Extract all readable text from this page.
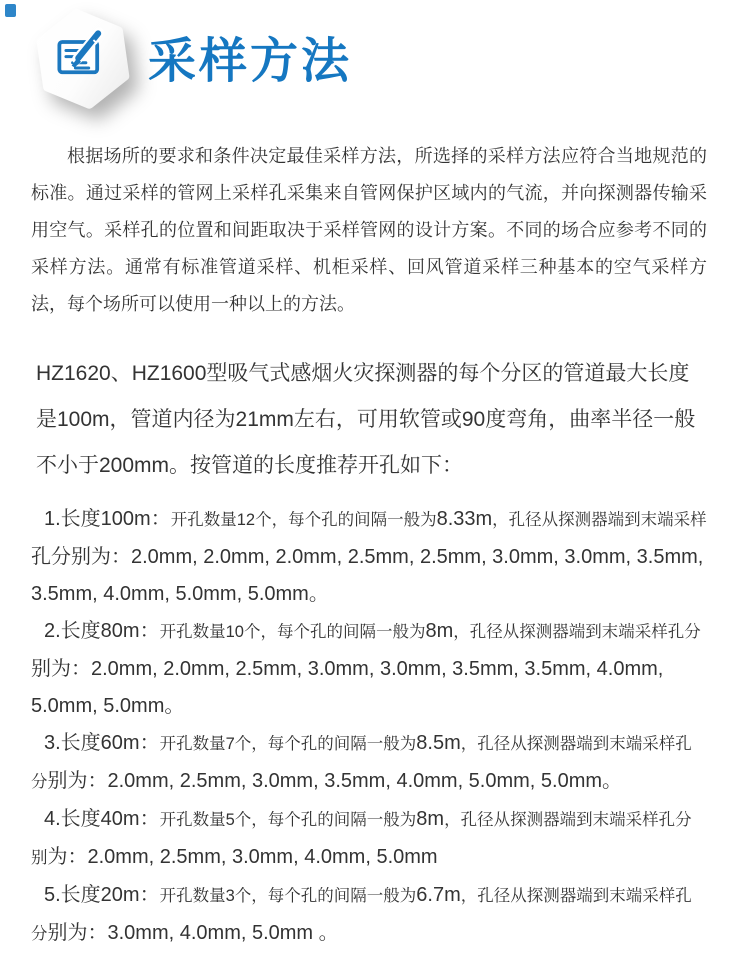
采样方法

根据场所的要求和条件决定最佳采样方法，所选择的采样方法应符合当地规范的标准。通过采样的管网上采样孔采集来自管网保护区域内的气流，并向探测器传输采用空气。采样孔的位置和间距取决于采样管网的设计方案。不同的场合应参考不同的采样方法。通常有标准管道采样、机柜采样、回风管道采样三种基本的空气采样方法，每个场所可以使用一种以上的方法。

HZ1620、HZ1600型吸气式感烟火灾探测器的每个分区的管道最大长度是100m，管道内径为21mm左右，可用软管或90度弯角，曲率半径一般不小于200mm。按管道的长度推荐开孔如下：

1.长度100m：开孔数量12个，每个孔的间隔一般为8.33m，孔径从探测器端到末端采样孔分别为：2.0mm, 2.0mm, 2.0mm, 2.5mm, 2.5mm, 3.0mm, 3.0mm, 3.5mm, 3.5mm, 4.0mm, 5.0mm, 5.0mm。

2.长度80m：开孔数量10个，每个孔的间隔一般为8m，孔径从探测器端到末端采样孔分别为：2.0mm, 2.0mm, 2.5mm, 3.0mm, 3.0mm, 3.5mm, 3.5mm, 4.0mm, 5.0mm, 5.0mm。

3.长度60m：开孔数量7个，每个孔的间隔一般为8.5m，孔径从探测器端到末端采样孔分别为：2.0mm, 2.5mm, 3.0mm, 3.5mm, 4.0mm, 5.0mm, 5.0mm。

4.长度40m：开孔数量5个，每个孔的间隔一般为8m，孔径从探测器端到末端采样孔分别为：2.0mm, 2.5mm, 3.0mm, 4.0mm, 5.0mm

5.长度20m：开孔数量3个，每个孔的间隔一般为6.7m，孔径从探测器端到末端采样孔分别为：3.0mm, 4.0mm, 5.0mm 。
